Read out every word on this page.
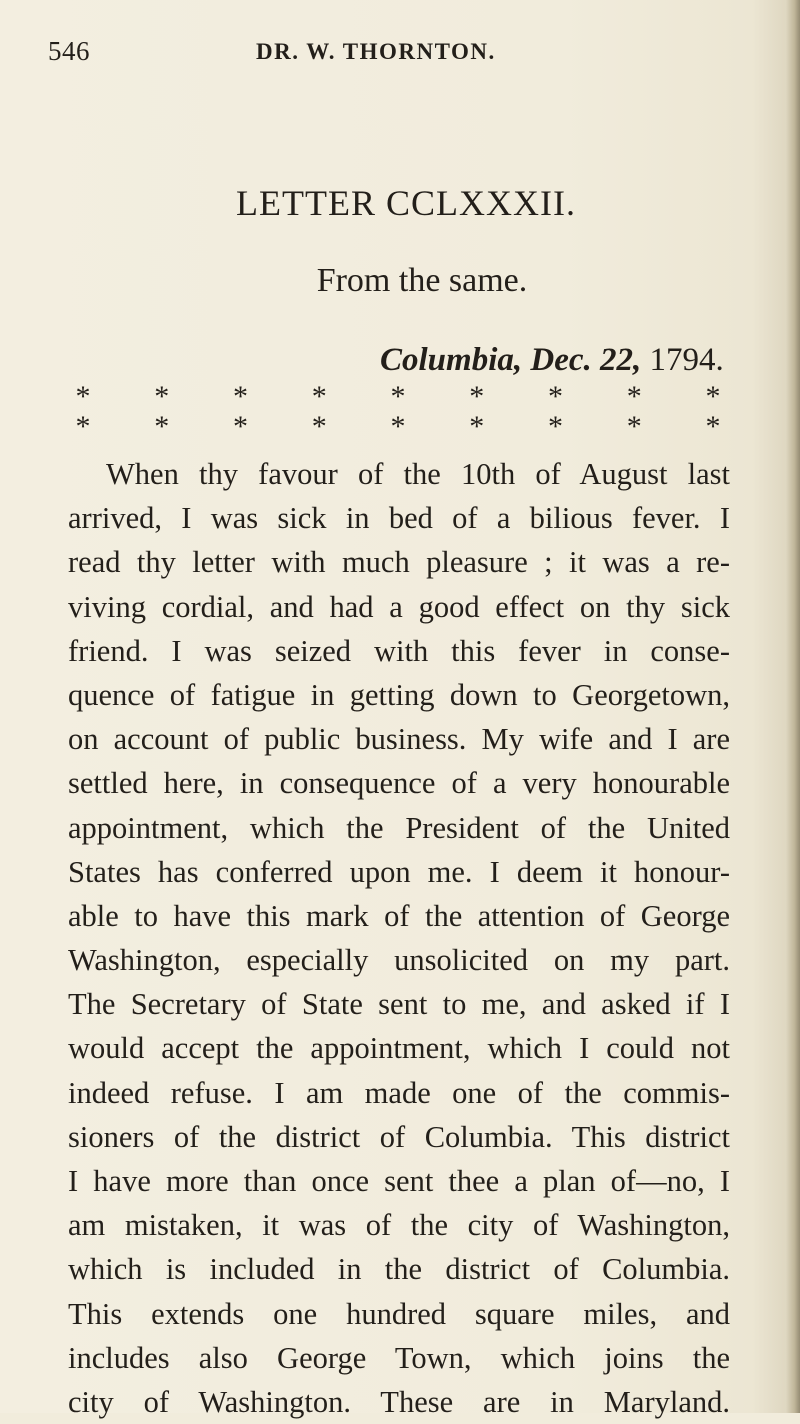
546	DR. W. THORNTON.
LETTER CCLXXXII.
From the same.
Columbia, Dec. 22, 1794.
* * * * * * * * *
* * * * * * * * *
When thy favour of the 10th of August last
arrived, I was sick in bed of a bilious fever. I
read thy letter with much pleasure ; it was a re-
viving cordial, and had a good effect on thy sick
friend. I was seized with this fever in conse-
quence of fatigue in getting down to Georgetown,
on account of public business. My wife and I are
settled here, in consequence of a very honourable
appointment, which the President of the United
States has conferred upon me. I deem it honour-
able to have this mark of the attention of George
Washington, especially unsolicited on my part.
The Secretary of State sent to me, and asked if I
would accept the appointment, which I could not
indeed refuse. I am made one of the commis-
sioners of the district of Columbia. This district
I have more than once sent thee a plan of—no, I
am mistaken, it was of the city of Washington,
which is included in the district of Columbia.
This extends one hundred square miles, and
includes also George Town, which joins the
city of Washington. These are in Maryland.
